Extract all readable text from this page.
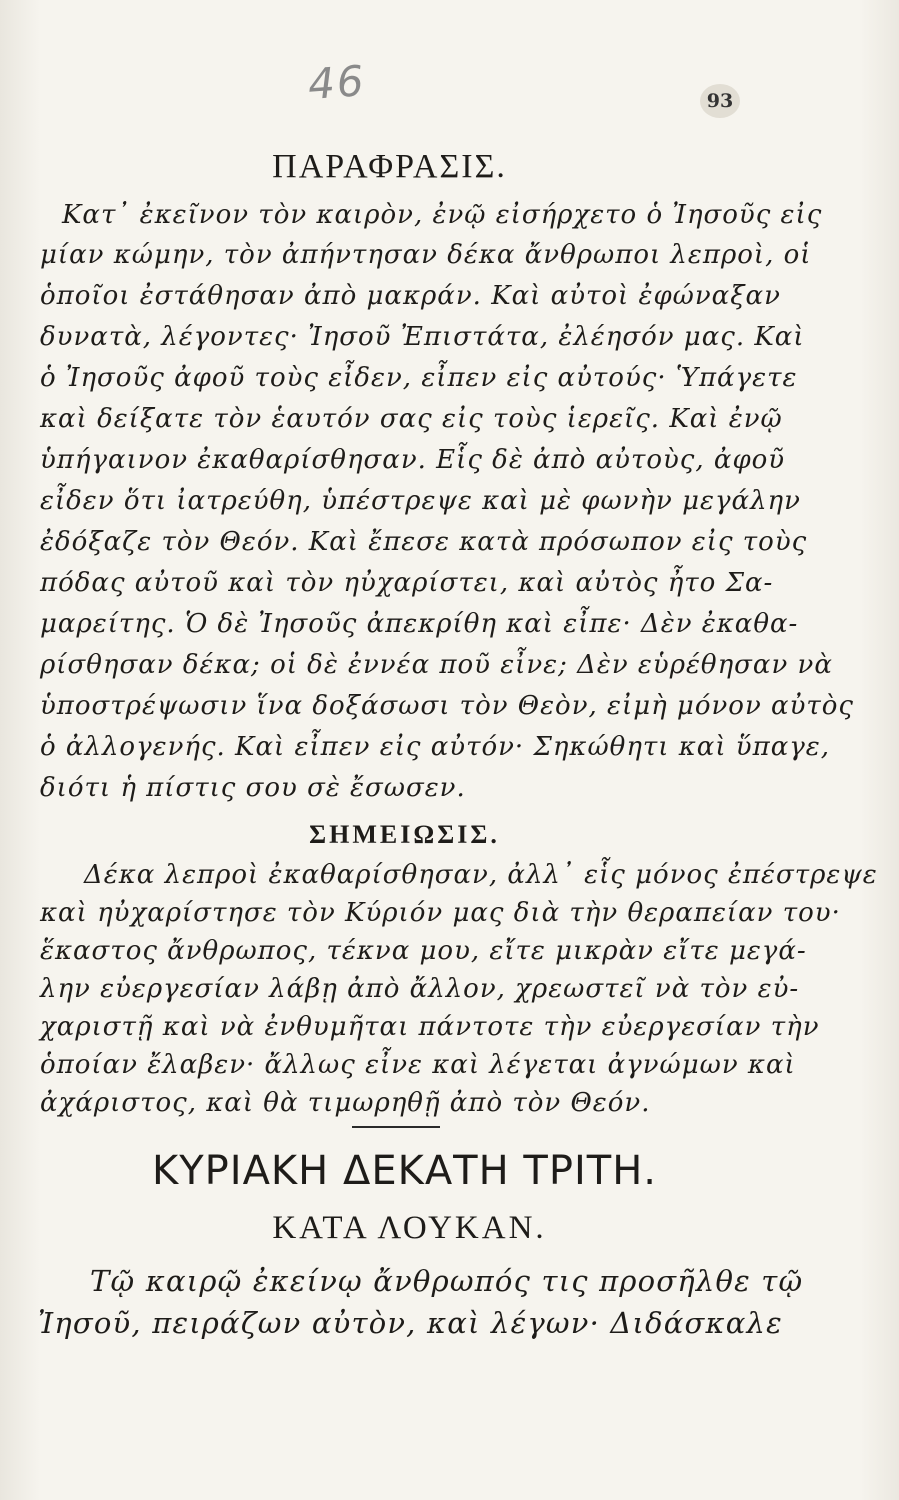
46	93
ΠΑΡΑΦΡΑΣΙΣ.
Κατ᾽ ἐκεῖνον τὸν καιρὸν, ἐνῷ εἰσήρχετο ὁ Ἰησοῦς εἰς
μίαν κώμην, τὸν ἀπήντησαν δέκα ἄνθρωποι λεπροὶ, οἱ
ὁποῖοι ἐστάθησαν ἀπὸ μακράν. Καὶ αὐτοὶ ἐφώναξαν
δυνατὰ, λέγοντες· Ἰησοῦ Ἐπιστάτα, ἐλέησόν μας. Καὶ
ὁ Ἰησοῦς ἀφοῦ τοὺς εἶδεν, εἶπεν εἰς αὐτούς· Ὑπάγετε
καὶ δείξατε τὸν ἑαυτόν σας εἰς τοὺς ἱερεῖς. Καὶ ἐνῷ
ὑπήγαινον ἐκαθαρίσθησαν. Εἷς δὲ ἀπὸ αὐτοὺς, ἀφοῦ
εἶδεν ὅτι ἰατρεύθη, ὑπέστρεψε καὶ μὲ φωνὴν μεγάλην
ἐδόξαζε τὸν Θεόν. Καὶ ἔπεσε κατὰ πρόσωπον εἰς τοὺς
πόδας αὐτοῦ καὶ τὸν ηὐχαρίστει, καὶ αὐτὸς ἦτο Σα-
μαρείτης. Ὁ δὲ Ἰησοῦς ἀπεκρίθη καὶ εἶπε· Δὲν ἐκαθα-
ρίσθησαν δέκα; οἱ δὲ ἐννέα ποῦ εἶνε; Δὲν εὑρέθησαν νὰ
ὑποστρέψωσιν ἵνα δοξάσωσι τὸν Θεὸν, εἰμὴ μόνον αὐτὸς
ὁ ἀλλογενής. Καὶ εἶπεν εἰς αὐτόν· Σηκώθητι καὶ ὕπαγε,
διότι ἡ πίστις σου σὲ ἔσωσεν.
ΣΗΜΕΙΩΣΙΣ.
Δέκα λεπροὶ ἐκαθαρίσθησαν, ἀλλ᾽ εἷς μόνος ἐπέστρεψε
καὶ ηὐχαρίστησε τὸν Κύριόν μας διὰ τὴν θεραπείαν του·
ἕκαστος ἄνθρωπος, τέκνα μου, εἴτε μικρὰν εἴτε μεγά-
λην εὐεργεσίαν λάβῃ ἀπὸ ἄλλον, χρεωστεῖ νὰ τὸν εὐ-
χαριστῇ καὶ νὰ ἐνθυμῆται πάντοτε τὴν εὐεργεσίαν τὴν
ὁποίαν ἔλαβεν· ἄλλως εἶνε καὶ λέγεται ἀγνώμων καὶ
ἀχάριστος, καὶ θὰ τιμωρηθῇ ἀπὸ τὸν Θεόν.
ΚΥΡΙΑΚΗ ΔΕΚΑΤΗ ΤΡΙΤΗ.
ΚΑΤΑ ΛΟΥΚΑΝ.
Τῷ καιρῷ ἐκείνῳ ἄνθρωπός τις προσῆλθε τῷ
Ἰησοῦ, πειράζων αὐτὸν, καὶ λέγων· Διδάσκαλε
